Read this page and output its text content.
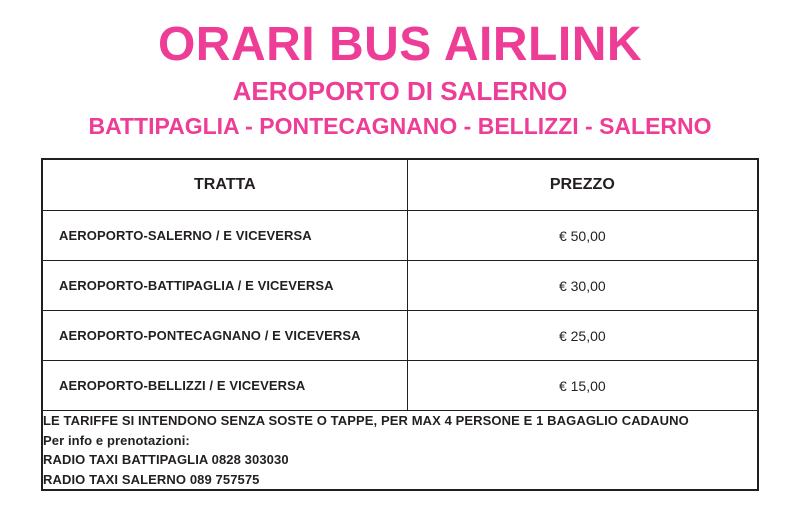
ORARI BUS AIRLINK
AEROPORTO DI SALERNO
BATTIPAGLIA - PONTECAGNANO - BELLIZZI - SALERNO
TRATTA	PREZZO
AEROPORTO-SALERNO / E VICEVERSA	€ 50,00
AEROPORTO-BATTIPAGLIA / E VICEVERSA	€ 30,00
AEROPORTO-PONTECAGNANO / E VICEVERSA	€ 25,00
AEROPORTO-BELLIZZI / E VICEVERSA	€ 15,00

LE TARIFFE SI INTENDONO SENZA SOSTE O TAPPE, PER MAX 4 PERSONE E 1 BAGAGLIO CADAUNO
Per info e prenotazioni:
RADIO TAXI BATTIPAGLIA 0828 303030
RADIO TAXI SALERNO 089 757575	
